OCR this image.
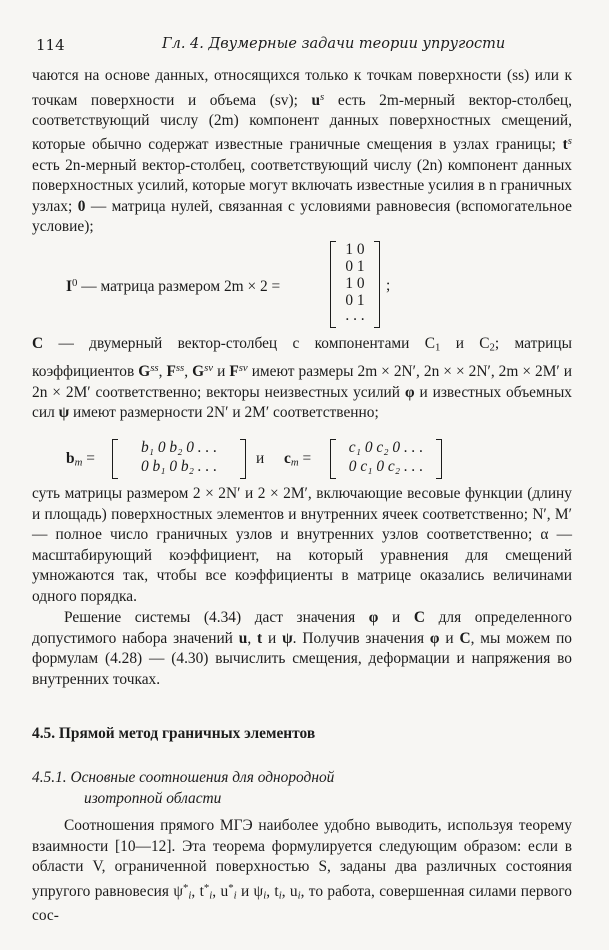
114	Гл. 4. Двумерные задачи теории упругости

чаются на основе данных, относящихся только к точкам поверхности (ss) или к точкам поверхности и объема (sv); $u^s$ есть 2m-мерный вектор-столбец, соответствующий числу (2m) компонент данных поверхностных смещений, которые обычно содержат известные граничные смещения в узлах границы; $t^s$ есть 2n-мерный вектор-столбец, соответствующий числу (2n) компонент данных поверхностных усилий, которые могут включать известные усилия в n граничных узлах; 0 — матрица нулей, связанная с условиями равновесия (вспомогательное условие);

$I^0$ — матрица размером 2m × 2 =
1 0
0 1
1 0
0 1
. . .
;

C — двумерный вектор-столбец с компонентами $C_1$ и $C_2$; матрицы коэффициентов $G^{ss}$, $F^{ss}$, $G^{sv}$ и $F^{sv}$ имеют размеры 2m × 2N′, 2n × × 2N′, 2m × 2M′ и 2n × 2M′ соответственно; векторы неизвестных усилий φ и известных объемных сил ψ имеют размерности 2N′ и 2M′ соответственно;

$b_m$ =
b₁ 0 b₂ 0 . . .
0 b₁ 0 b₂ . . .	и $c_m$ =
c₁ 0 c₂ 0 . . .
0 c₁ 0 c₂ . . .

суть матрицы размером 2 × 2N′ и 2 × 2M′, включающие весовые функции (длину и площадь) поверхностных элементов и внутренних ячеек соответственно; N′, M′ — полное число граничных узлов и внутренних узлов соответственно; α — масштабирующий коэффициент, на который уравнения для смещений умножаются так, чтобы все коэффициенты в матрице оказались величинами одного порядка.

Решение системы (4.34) даст значения φ и C для определенного допустимого набора значений u, t и ψ. Получив значения φ и C, мы можем по формулам (4.28) — (4.30) вычислить смещения, деформации и напряжения во внутренних точках.

4.5. Прямой метод граничных элементов
4.5.1. Основные соотношения для однородной
изотропной области

Соотношения прямого МГЭ наиболее удобно выводить, используя теорему взаимности [10—12]. Эта теорема формулируется следующим образом: если в области V, ограниченной поверхностью S, заданы два различных состояния упругого равновесия $\psi^*_i$, $t^*_i$, $u^*_i$ и $\psi_i$, $t_i$, $u_i$, то работа, совершенная силами первого сос-
